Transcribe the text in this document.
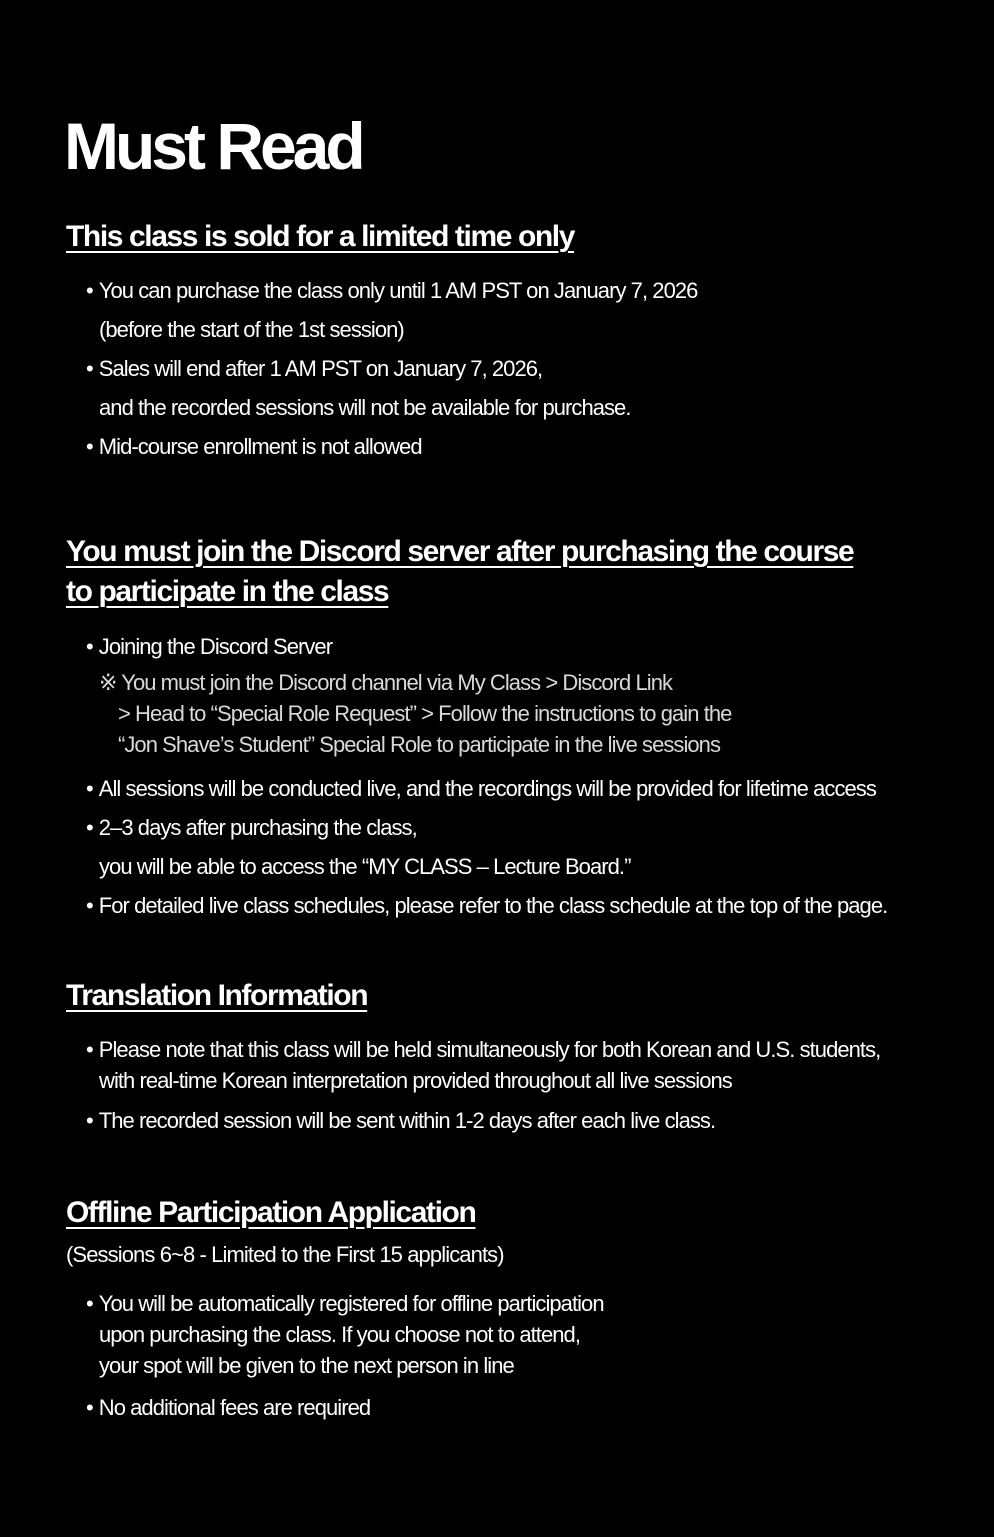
Must Read
This class is sold for a limited time only

• You can purchase the class only until 1 AM PST on January 7, 2026

(before the start of the 1st session)

• Sales will end after 1 AM PST on January 7, 2026,

and the recorded sessions will not be available for purchase.

• Mid-course enrollment is not allowed

You must join the Discord server after purchasing the course
to participate in the class

• Joining the Discord Server

※ You must join the Discord channel via My Class > Discord Link

> Head to “Special Role Request” > Follow the instructions to gain the

“Jon Shave’s Student” Special Role to participate in the live sessions

• All sessions will be conducted live, and the recordings will be provided for lifetime access

• 2–3 days after purchasing the class,

you will be able to access the “MY CLASS – Lecture Board.”

• For detailed live class schedules, please refer to the class schedule at the top of the page.

Translation Information

• Please note that this class will be held simultaneously for both Korean and U.S. students,

with real-time Korean interpretation provided throughout all live sessions

• The recorded session will be sent within 1-2 days after each live class.

Offline Participation Application

(Sessions 6~8 - Limited to the First 15 applicants)

• You will be automatically registered for offline participation

upon purchasing the class. If you choose not to attend,

your spot will be given to the next person in line

• No additional fees are required
